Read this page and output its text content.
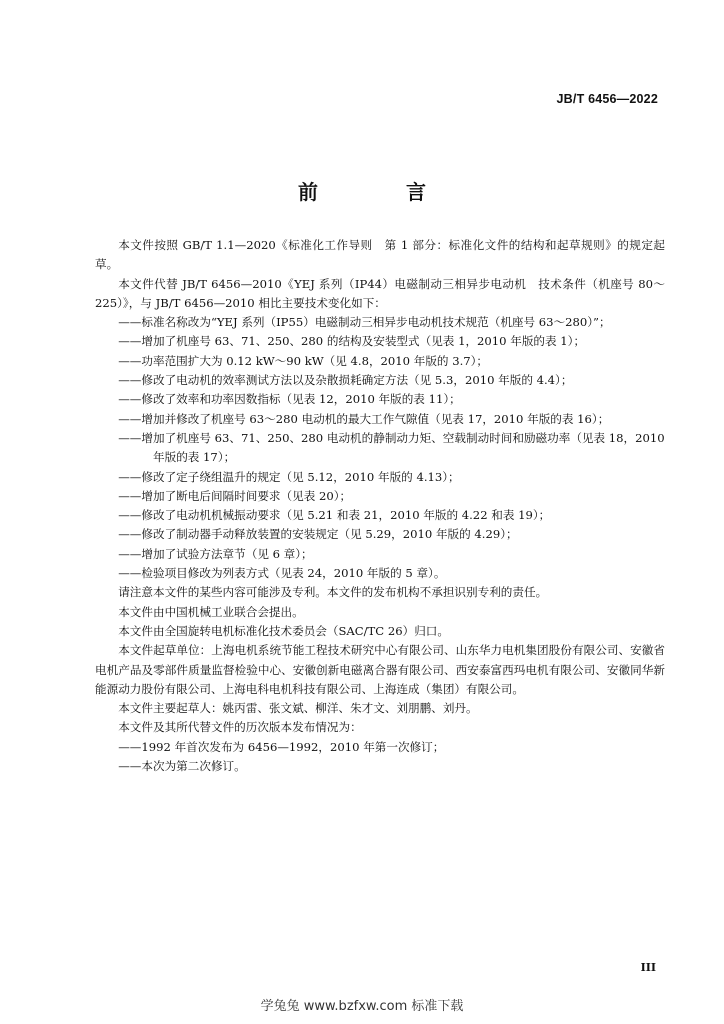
JB/T 6456—2022
前　言

本文件按照 GB/T 1.1—2020《标准化工作导则　第 1 部分：标准化文件的结构和起草规则》的规定起草。

本文件代替 JB/T 6456—2010《YEJ 系列（IP44）电磁制动三相异步电动机　技术条件（机座号 80～225）》，与 JB/T 6456—2010 相比主要技术变化如下：

——标准名称改为“YEJ 系列（IP55）电磁制动三相异步电动机技术规范（机座号 63～280）”；

——增加了机座号 63、71、250、280 的结构及安装型式（见表 1，2010 年版的表 1）；

——功率范围扩大为 0.12 kW～90 kW（见 4.8，2010 年版的 3.7）；

——修改了电动机的效率测试方法以及杂散损耗确定方法（见 5.3，2010 年版的 4.4）；

——修改了效率和功率因数指标（见表 12，2010 年版的表 11）；

——增加并修改了机座号 63～280 电动机的最大工作气隙值（见表 17，2010 年版的表 16）；

——增加了机座号 63、71、250、280 电动机的静制动力矩、空载制动时间和励磁功率（见表 18，2010 年版的表 17）；

——修改了定子绕组温升的规定（见 5.12，2010 年版的 4.13）；

——增加了断电后间隔时间要求（见表 20）；

——修改了电动机机械振动要求（见 5.21 和表 21，2010 年版的 4.22 和表 19）；

——修改了制动器手动释放装置的安装规定（见 5.29，2010 年版的 4.29）；

——增加了试验方法章节（见 6 章）；

——检验项目修改为列表方式（见表 24，2010 年版的 5 章）。

请注意本文件的某些内容可能涉及专利。本文件的发布机构不承担识别专利的责任。

本文件由中国机械工业联合会提出。

本文件由全国旋转电机标准化技术委员会（SAC/TC 26）归口。

本文件起草单位：上海电机系统节能工程技术研究中心有限公司、山东华力电机集团股份有限公司、安徽省电机产品及零部件质量监督检验中心、安徽创新电磁离合器有限公司、西安泰富西玛电机有限公司、安徽同华新能源动力股份有限公司、上海电科电机科技有限公司、上海连成（集团）有限公司。

本文件主要起草人：姚丙雷、张文斌、柳洋、朱才文、刘朋鹏、刘丹。

本文件及其所代替文件的历次版本发布情况为：

——1992 年首次发布为 6456—1992，2010 年第一次修订；

——本次为第二次修订。

III
学兔兔 www.bzfxw.com 标准下载
